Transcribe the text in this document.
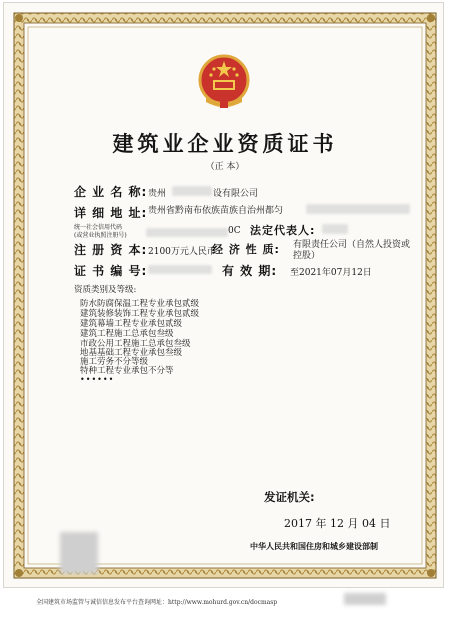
建筑业企业资质证书
（正 本）
企 业 名 称: 贵州	设有限公司
详 细 地 址: 贵州省黔南布依族苗族自治州都匀
统一社会信用代码
(或营业执照注册号)	0C 法定代表人:
注 册 资 本: 2100万元人民币
经 济 性 质: 有限责任公司（自然人投资或控股）
证 书 编 号:	有 效 期: 至2021年07月12日
资质类别及等级:
防水防腐保温工程专业承包贰级
建筑装修装饰工程专业承包贰级
建筑幕墙工程专业承包贰级
建筑工程施工总承包叁级
市政公用工程施工总承包叁级
地基基础工程专业承包叁级
施工劳务不分等级
特种工程专业承包不分等
••••••
发证机关:
2017 年 12 月 04 日
中华人民共和国住房和城乡建设部制
全国建筑市场监管与诚信信息发布平台查询网址：http://www.mohurd.gov.cn/docmasp
